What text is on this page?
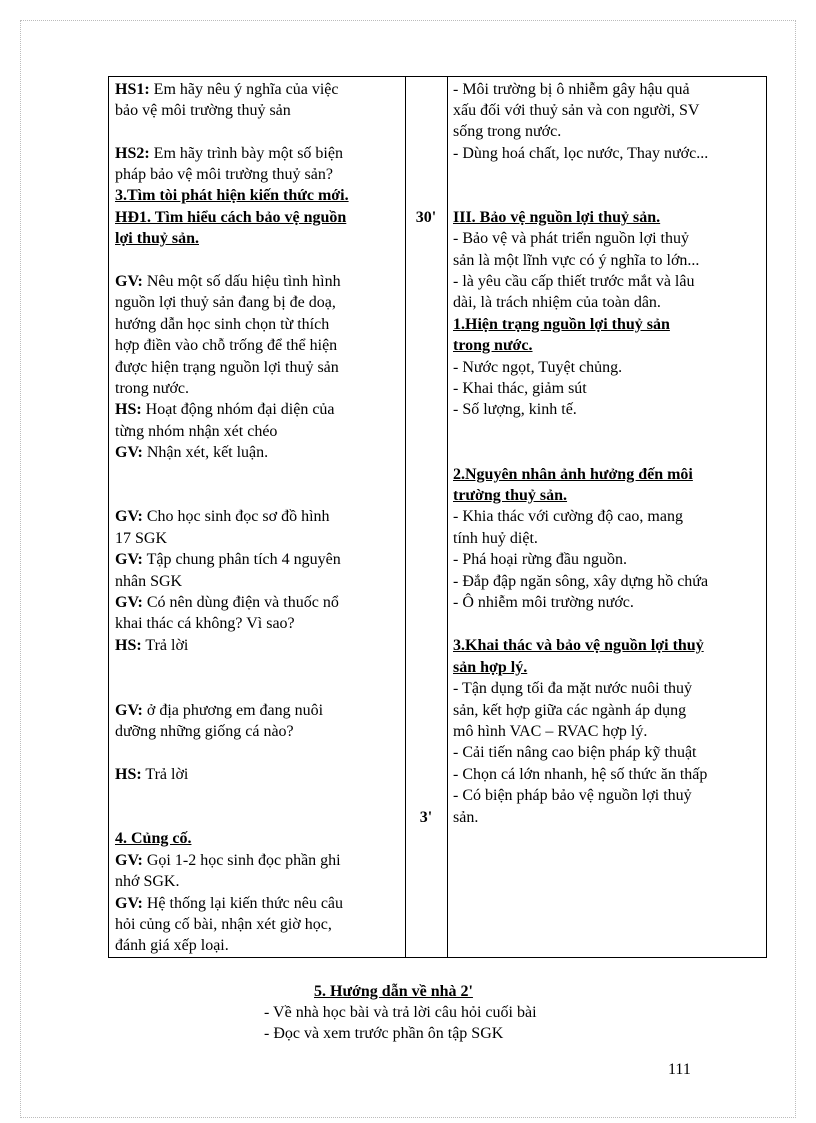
HS1: Em hãy nêu ý nghĩa của việc
bảo vệ môi trường thuỷ sản
HS2: Em hãy trình bày một số biện
pháp bảo vệ môi trường thuỷ sản?
3.Tìm tòi phát hiện kiến thức mới.
HĐ1. Tìm hiểu cách bảo vệ nguồn
lợi thuỷ sản.
GV: Nêu một số dấu hiệu tình hình
nguồn lợi thuỷ sản đang bị đe doạ,
hướng dẫn học sinh chọn từ thích
hợp điền vào chỗ trống để thể hiện
được hiện trạng nguồn lợi thuỷ sản
trong nước.
HS: Hoạt động nhóm đại diện của
từng nhóm nhận xét chéo
GV: Nhận xét, kết luận.
GV: Cho học sinh đọc sơ đồ hình
17 SGK
GV: Tập chung phân tích 4 nguyên
nhân SGK
GV: Có nên dùng điện và thuốc nổ
khai thác cá không? Vì sao?
HS: Trả lời
GV: ở địa phương em đang nuôi
dưỡng những giống cá nào?
HS: Trả lời
4. Củng cố.
GV: Gọi 1-2 học sinh đọc phần ghi
nhớ SGK.
GV: Hệ thống lại kiến thức nêu câu
hỏi củng cố bài, nhận xét giờ học,
đánh giá xếp loại.
30'
3'
- Môi trường bị ô nhiễm gây hậu quả
xấu đối với thuỷ sản và con người, SV
sống trong nước.
- Dùng hoá chất, lọc nước, Thay nước...
III. Bảo vệ nguồn lợi thuỷ sản.
- Bảo vệ và phát triển nguồn lợi thuỷ
sản là một lĩnh vực có ý nghĩa to lớn...
- là yêu cầu cấp thiết trước mắt và lâu
dài, là trách nhiệm của toàn dân.
1.Hiện trạng nguồn lợi thuỷ sản
trong nước.
- Nước ngọt, Tuyệt chủng.
- Khai thác, giảm sút
- Số lượng, kinh tế.
2.Nguyên nhân ảnh hưởng đến môi
trường thuỷ sản.
- Khia thác với cường độ cao, mang
tính huỷ diệt.
- Phá hoại rừng đầu nguồn.
- Đắp đập ngăn sông, xây dựng hồ chứa
- Ô nhiễm môi trường nước.
3.Khai thác và bảo vệ nguồn lợi thuỷ
sản hợp lý.
- Tận dụng tối đa mặt nước nuôi thuỷ
sản, kết hợp giữa các ngành áp dụng
mô hình VAC – RVAC hợp lý.
- Cải tiến nâng cao biện pháp kỹ thuật
- Chọn cá lớn nhanh, hệ số thức ăn thấp
- Có biện pháp bảo vệ nguồn lợi thuỷ
sản.
5. Hướng dẫn về nhà 2'
- Về nhà học bài và trả lời câu hỏi cuối bài
- Đọc và xem trước phần ôn tập SGK
111
